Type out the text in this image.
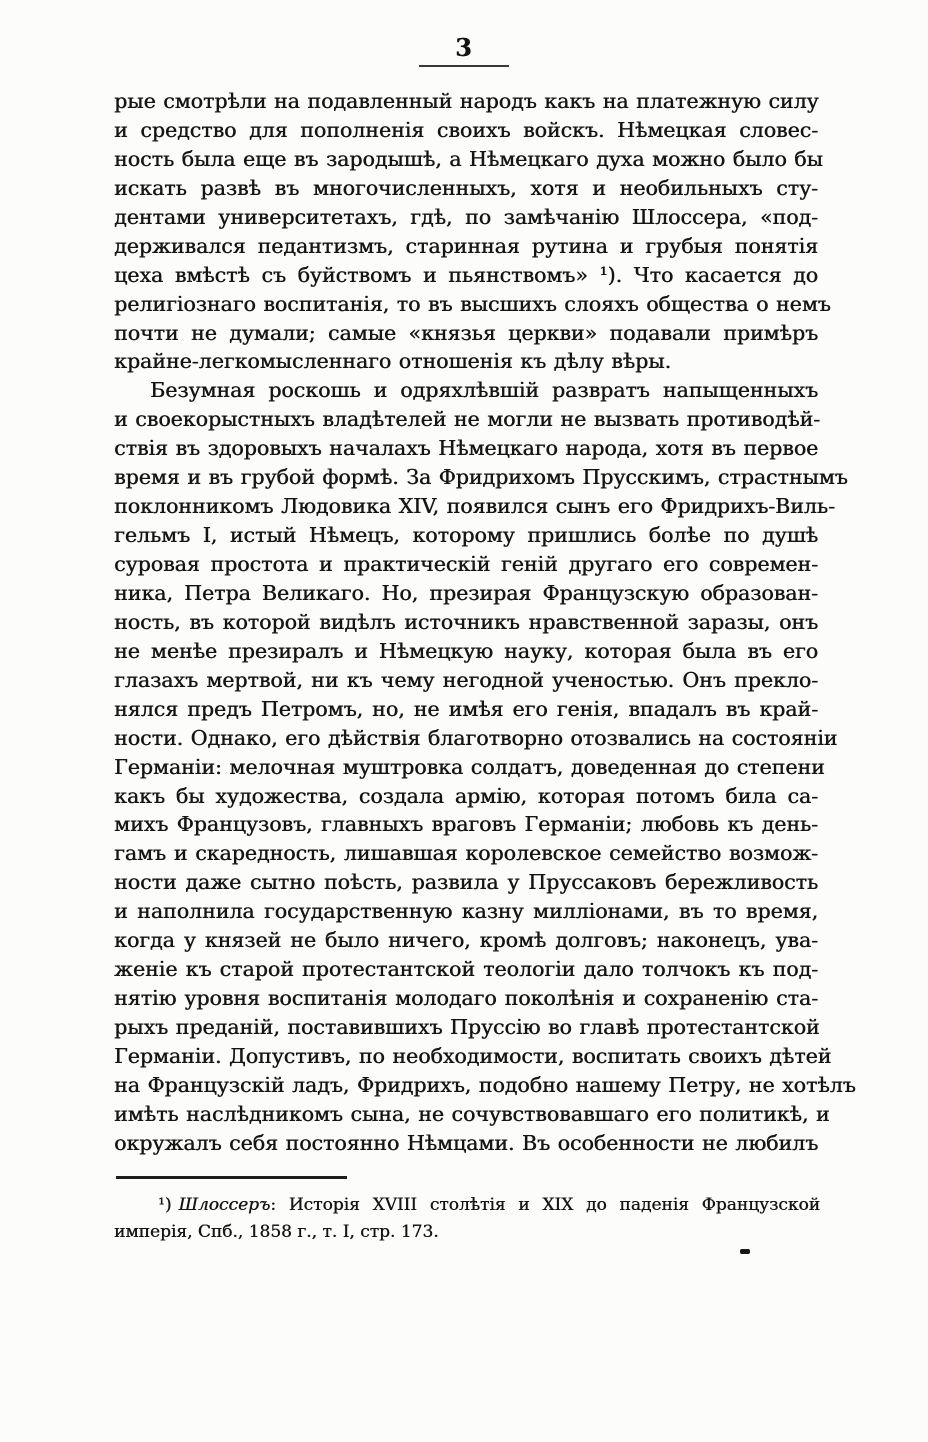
3
рые смотрѣли на подавленный народъ какъ на платежную силу
и средство для пополненія своихъ войскъ. Нѣмецкая словес-
ность была еще въ зародышѣ, а Нѣмецкаго духа можно было бы
искать развѣ въ многочисленныхъ, хотя и необильныхъ сту-
дентами университетахъ, гдѣ, по замѣчанію Шлоссера, «под-
держивался педантизмъ, старинная рутина и грубыя понятія
цеха вмѣстѣ съ буйствомъ и пьянствомъ» ¹). Что касается до
религіознаго воспитанія, то въ высшихъ слояхъ общества о немъ
почти не думали; самые «князья церкви» подавали примѣръ
крайне-легкомысленнаго отношенія къ дѣлу вѣры.
Безумная роскошь и одряхлѣвшій развратъ напыщенныхъ
и своекорыстныхъ владѣтелей не могли не вызвать противодѣй-
ствія въ здоровыхъ началахъ Нѣмецкаго народа, хотя въ первое
время и въ грубой формѣ. За Фридрихомъ Прусскимъ, страстнымъ
поклонникомъ Людовика XIV, появился сынъ его Фридрихъ-Виль-
гельмъ I, истый Нѣмецъ, которому пришлись болѣе по душѣ
суровая простота и практическій геній другаго его современ-
ника, Петра Великаго. Но, презирая Французскую образован-
ность, въ которой видѣлъ источникъ нравственной заразы, онъ
не менѣе презиралъ и Нѣмецкую науку, которая была въ его
глазахъ мертвой, ни къ чему негодной ученостью. Онъ прекло-
нялся предъ Петромъ, но, не имѣя его генія, впадалъ въ край-
ности. Однако, его дѣйствія благотворно отозвались на состояніи
Германіи: мелочная муштровка солдатъ, доведенная до степени
какъ бы художества, создала армію, которая потомъ била са-
михъ Французовъ, главныхъ враговъ Германіи; любовь къ день-
гамъ и скаредность, лишавшая королевское семейство возмож-
ности даже сытно поѣсть, развила у Пруссаковъ бережливость
и наполнила государственную казну милліонами, въ то время,
когда у князей не было ничего, кромѣ долговъ; наконецъ, ува-
женіе къ старой протестантской теологіи дало толчокъ къ под-
нятію уровня воспитанія молодаго поколѣнія и сохраненію ста-
рыхъ преданій, поставившихъ Пруссію во главѣ протестантской
Германіи. Допустивъ, по необходимости, воспитать своихъ дѣтей
на Французскій ладъ, Фридрихъ, подобно нашему Петру, не хотѣлъ
имѣть наслѣдникомъ сына, не сочувствовавшаго его политикѣ, и
окружалъ себя постоянно Нѣмцами. Въ особенности не любилъ
¹) Шлоссеръ: Исторія XVIII столѣтія и XIX до паденія Французской
имперія, Спб., 1858 г., т. I, стр. 173.
